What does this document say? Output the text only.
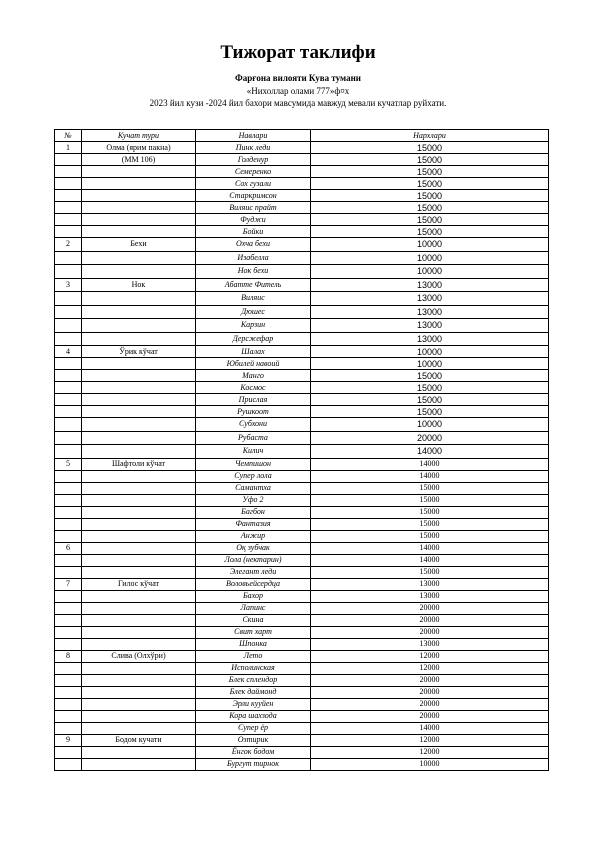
Тижорат таклифи
Фарғона вилояти Кува тумани
«Нихоллар олами 777»ф¤х
2023 йил кузи -2024 йил бахори мавсумида мавжуд мевали кучатлар руйхати.
№	Кучат тури	Навлари	Нархлари
1	Олма (ярим пакна)	Пинк леди	15000
	(ММ 106)	Голденур	15000
		Семеренко	15000
		Сох гузали	15000
		Старкримсон	15000
		Виляис прайт	15000
		Фуджи	15000
		Бойки	15000
2	Бехи	Охча бехи	10000
		Изабелла	10000
		Нок бехи	10000
3	Нок	Абатте Фитель	13000
		Виляис	13000
		Дюшес	13000
		Карзин	13000
		Дерсжефар	13000
4	Ўрик кўчат	Шалах	10000
		Юбилей навоий	10000
		Манго	15000
		Космос	15000
		Прислая	15000
		Рушкоот	15000
		Субхони	10000
		Рубаста	20000
		Килич	14000
5	Шафтоли кўчат	Чемпишон	14000
		Супер лола	14000
		Самантха	15000
		Уфо 2	15000
		Багбон	15000
		Фантазия	15000
		Анжир	15000
6		Оқ зубчак	14000
		Лола (нектарин)	14000
		Элегант леди	15000
7	Гилос кўчат	Воловьейсердца	13000
		Бахор	13000
		Лапинс	20000
		Скина	20000
		Свит харт	20000
		Шпонка	13000
8	Слива (Олхўри)	Лето	12000
		Исполинская	12000
		Блек сплендор	20000
		Блек даймонд	20000
		Эрли кууйен	20000
		Кора шахзода	20000
		Супер ёр	14000
9	Бодом кучати	Озтирик	12000
		Ёнгок бодом	12000
		Бургут тирнок	10000
